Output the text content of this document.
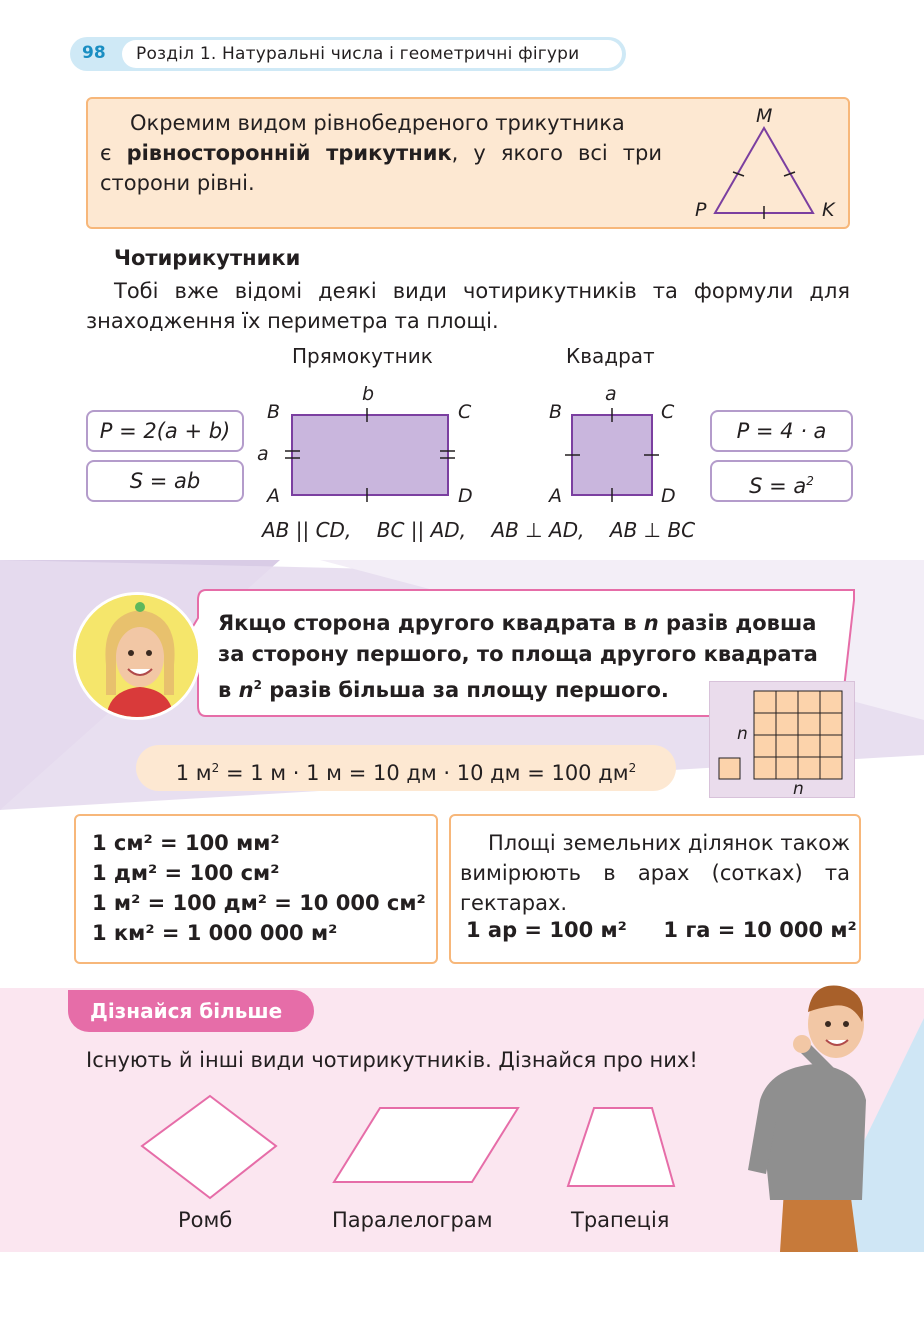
98 Розділ 1. Натуральні числа і геометричні фігури
Окремим видом рівнобедреного трикутника
є рівносторонній трикутник, у якого всі три сторони рівні.
M
P	K
Чотирикутники
Тобі вже відомі деякі види чотирикутників та формули для знаходження їх периметра та площі.
Прямокутник	Квадрат
b
a
B	C
A	D
a
B	C
A	D
P = 2(a + b)
S = ab
P = 4 · a
$S = a^2$
AB || CD,    BC || AD,    AB ⊥ AD,    AB ⊥ BC
Якщо сторона другого квадрата в n разів довша
за сторону першого, то площа другого квадрата
в $n^2$ разів більша за площу першого.
1 $м^2 = 1$ м · 1 м = 10 дм · 10 дм = 100 $дм^2$
n
n
1 см² = 100 мм²
1 дм² = 100 см²
1 м² = 100 дм² = 10 000 см²
1 км² = 1 000 000 м²
Площі земельних ділянок також вимірюють в арах (сотках) та гектарах.
1 ар = 100 м²     1 га = 10 000 м²
Дізнайся більше
Існують й інші види чотирикутників. Дізнайся про них!
Ромб	Паралелограм	Трапеція
